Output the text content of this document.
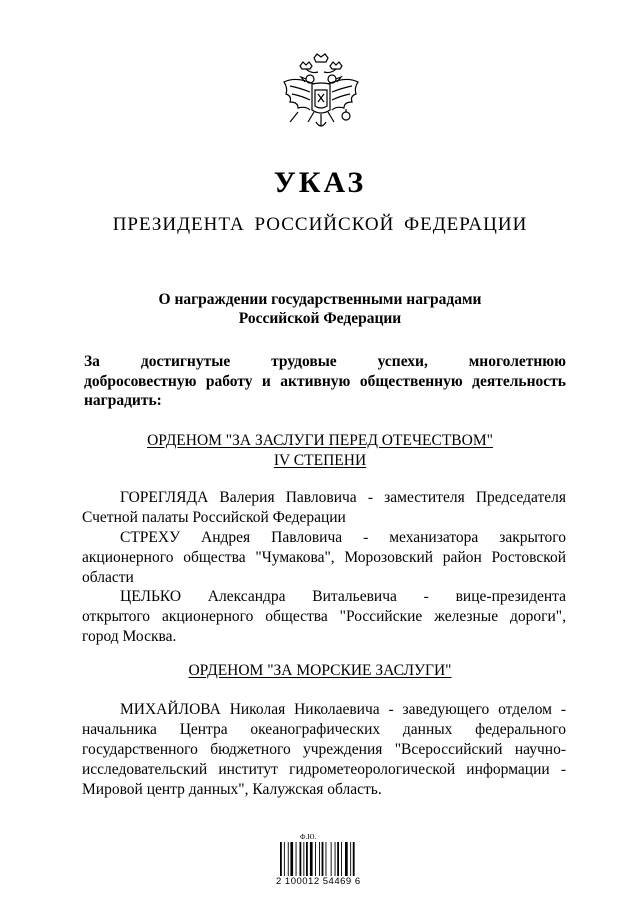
УКАЗ
ПРЕЗИДЕНТА РОССИЙСКОЙ ФЕДЕРАЦИИ
О награждении государственными наградами
Российской Федерации
За достигнутые трудовые успехи, многолетнюю
добросовестную работу и активную общественную деятельность
наградить:
ОРДЕНОМ "ЗА ЗАСЛУГИ ПЕРЕД ОТЕЧЕСТВОМ"
IV СТЕПЕНИ
ГОРЕГЛЯДА Валерия Павловича - заместителя Председателя
Счетной палаты Российской Федерации
СТРЕХУ Андрея Павловича - механизатора закрытого
акционерного общества "Чумакова", Морозовский район Ростовской
области
ЦЕЛЬКО Александра Витальевича - вице-президента
открытого акционерного общества "Российские железные дороги",
город Москва.
ОРДЕНОМ "ЗА МОРСКИЕ ЗАСЛУГИ"
МИХАЙЛОВА Николая Николаевича - заведующего отделом -
начальника Центра океанографических данных федерального
государственного бюджетного учреждения "Всероссийский научно-
исследовательский институт гидрометеорологической информации -
Мировой центр данных", Калужская область.
Ф.Ю.
2 100012 54469 6
